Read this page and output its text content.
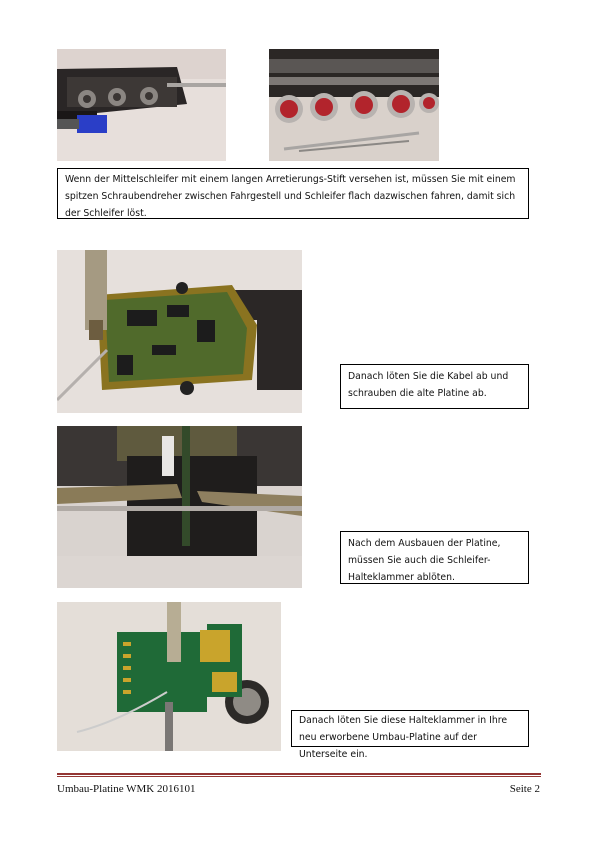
Wenn der Mittelschleifer mit einem langen Arretierungs-Stift versehen ist, müssen Sie mit einem spitzen Schraubendreher zwischen Fahrgestell und Schleifer flach dazwischen fahren, damit sich der Schleifer löst.
Danach löten Sie die Kabel ab und schrauben die alte Platine ab.
Nach dem Ausbauen der Platine, müssen Sie auch die Schleifer-Halteklammer ablöten.
Danach löten Sie diese Halteklammer in Ihre neu erworbene Umbau-Platine auf der Unterseite ein.
Umbau-Platine WMK 2016101	Seite 2
